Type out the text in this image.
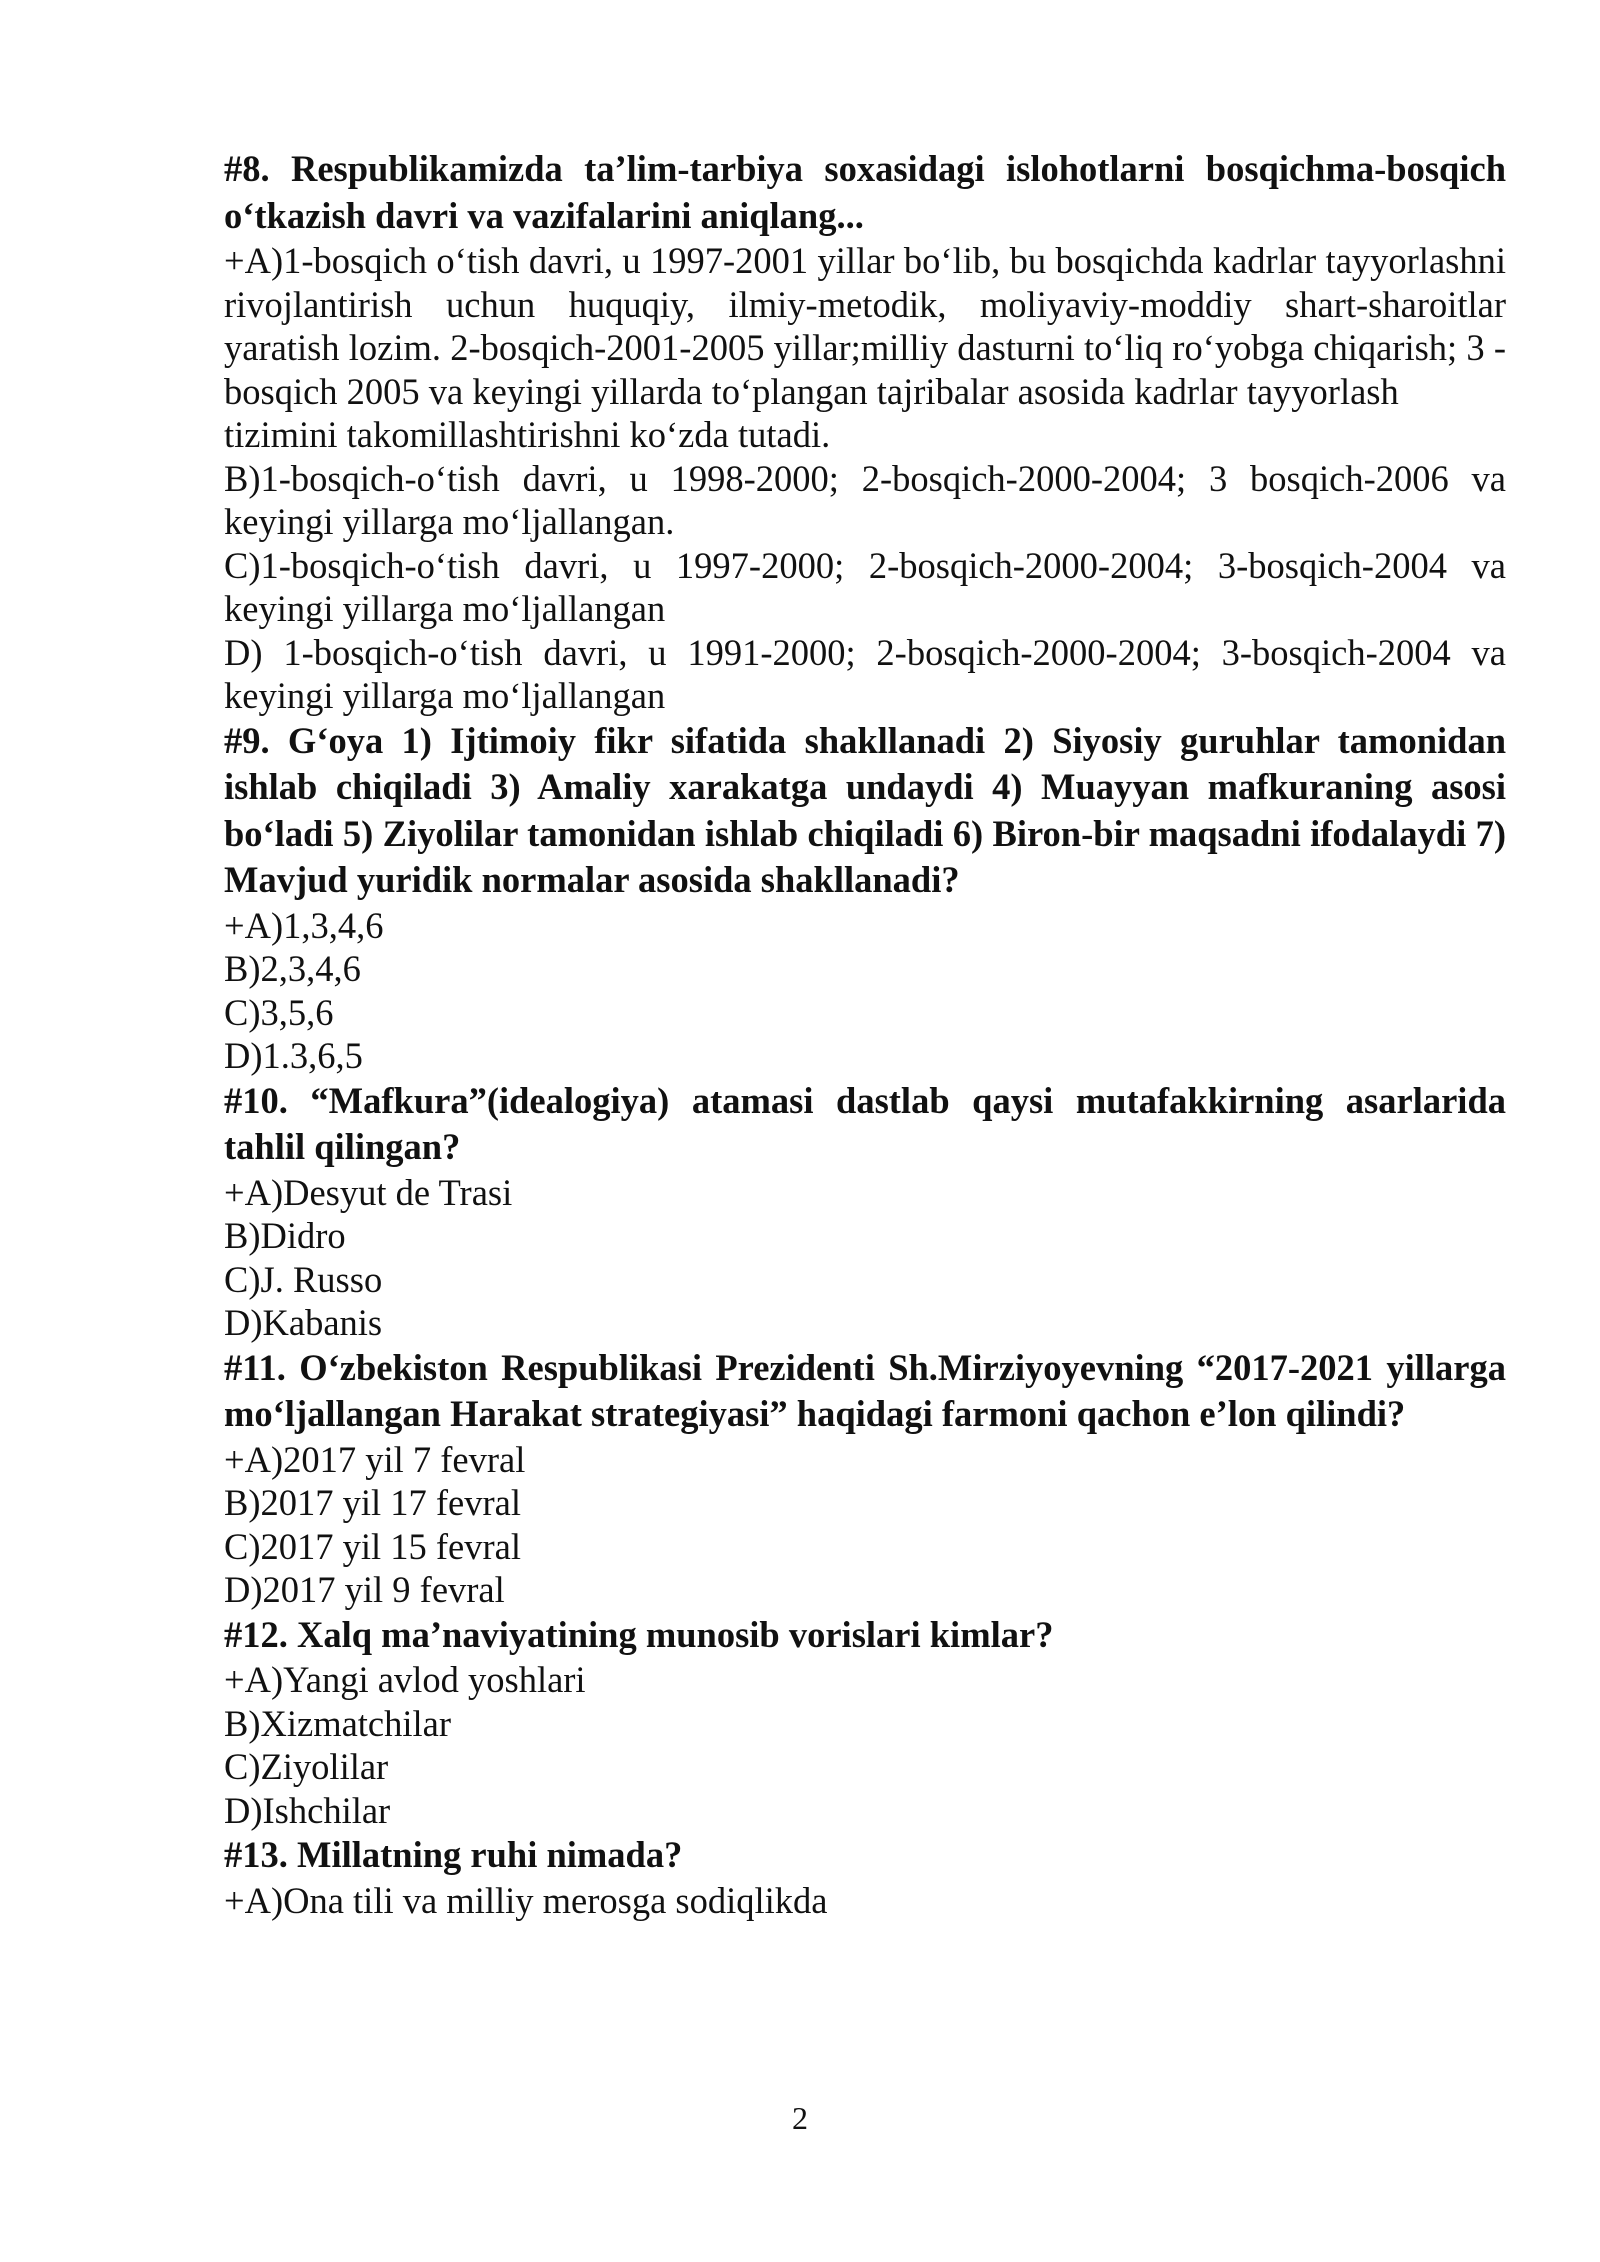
#8. Respublikamizda ta’lim-tarbiya soxasidagi islohotlarni bosqichma-bosqich o‘tkazish davri va vazifalarini aniqlang...
+A)1-bosqich o‘tish davri, u 1997-2001 yillar bo‘lib, bu bosqichda kadrlar tayyorlashni rivojlantirish uchun huquqiy, ilmiy-metodik, moliyaviy-moddiy shart-sharoitlar yaratish lozim. 2-bosqich-2001-2005 yillar;milliy dasturni to‘liq ro‘yobga chiqarish; 3 -bosqich 2005 va keyingi yillarda to‘plangan tajribalar asosida kadrlar tayyorlash
tizimini takomillashtirishni ko‘zda tutadi.
B)1-bosqich-o‘tish davri, u 1998-2000; 2-bosqich-2000-2004; 3 bosqich-2006 va keyingi yillarga mo‘ljallangan.
C)1-bosqich-o‘tish davri, u 1997-2000; 2-bosqich-2000-2004; 3-bosqich-2004 va keyingi yillarga mo‘ljallangan
D) 1-bosqich-o‘tish davri, u 1991-2000; 2-bosqich-2000-2004; 3-bosqich-2004 va keyingi yillarga mo‘ljallangan
#9. G‘oya 1) Ijtimoiy fikr sifatida shakllanadi 2) Siyosiy guruhlar tamonidan ishlab chiqiladi 3) Amaliy xarakatga undaydi 4) Muayyan mafkuraning asosi bo‘ladi 5) Ziyolilar tamonidan ishlab chiqiladi 6) Biron-bir maqsadni ifodalaydi 7) Mavjud yuridik normalar asosida shakllanadi?
+A)1,3,4,6
B)2,3,4,6
C)3,5,6
D)1.3,6,5
#10. “Mafkura”(idealogiya) atamasi dastlab qaysi mutafakkirning asarlarida tahlil qilingan?
+A)Desyut de Trasi
B)Didro
C)J. Russo
D)Kabanis
#11. O‘zbekiston Respublikasi Prezidenti Sh.Mirziyoyevning “2017-2021 yillarga mo‘ljallangan Harakat strategiyasi” haqidagi farmoni qachon e’lon qilindi?
+A)2017 yil 7 fevral
B)2017 yil 17 fevral
C)2017 yil 15 fevral
D)2017 yil 9 fevral
#12. Xalq ma’naviyatining munosib vorislari kimlar?
+A)Yangi avlod yoshlari
B)Xizmatchilar
C)Ziyolilar
D)Ishchilar
#13. Millatning ruhi nimada?
+A)Ona tili va milliy merosga sodiqlikda
2
